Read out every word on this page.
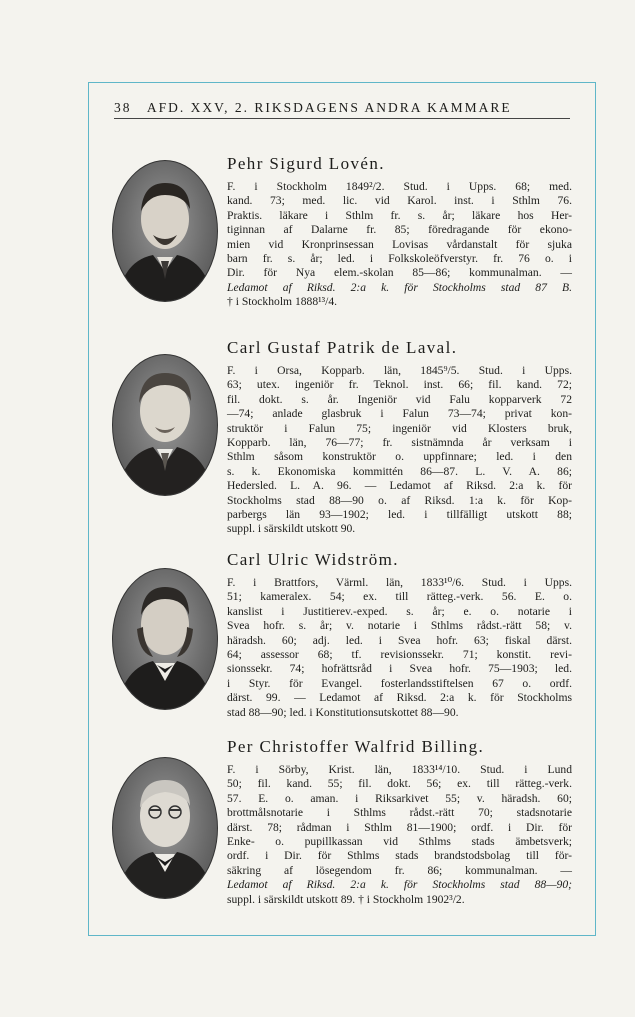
38 AFD. XXV, 2. RIKSDAGENS ANDRA KAMMARE
Pehr Sigurd Lovén.
F. i Stockholm 1849²/2. Stud. i Upps. 68; med.
kand. 73; med. lic. vid Karol. inst. i Sthlm 76.
Praktis. läkare i Sthlm fr. s. år; läkare hos Her-
tiginnan af Dalarne fr. 85; föredragande för ekono-
mien vid Kronprinsessan Lovisas vårdanstalt för sjuka
barn fr. s. år; led. i Folkskoleöfverstyr. fr. 76 o. i
Dir. för Nya elem.-skolan 85—86; kommunalman. —
Ledamot af Riksd. 2:a k. för Stockholms stad 87 B.
† i Stockholm 1888¹³/4.
Carl Gustaf Patrik de Laval.
F. i Orsa, Kopparb. län, 1845⁹/5. Stud. i Upps.
63; utex. ingeniör fr. Teknol. inst. 66; fil. kand. 72;
fil. dokt. s. år. Ingeniör vid Falu kopparverk 72
—74; anlade glasbruk i Falun 73—74; privat kon-
struktör i Falun 75; ingeniör vid Klosters bruk,
Kopparb. län, 76—77; fr. sistnämnda år verksam i
Sthlm såsom konstruktör o. uppfinnare; led. i den
s. k. Ekonomiska kommittén 86—87. L. V. A. 86;
Hedersled. L. A. 96. — Ledamot af Riksd. 2:a k. för
Stockholms stad 88—90 o. af Riksd. 1:a k. för Kop-
parbergs län 93—1902; led. i tillfälligt utskott 88;
suppl. i särskildt utskott 90.
Carl Ulric Widström.
F. i Brattfors, Värml. län, 1833¹⁰/6. Stud. i Upps.
51; kameralex. 54; ex. till rätteg.-verk. 56. E. o.
kanslist i Justitierev.-exped. s. år; e. o. notarie i
Svea hofr. s. år; v. notarie i Sthlms rådst.-rätt 58; v.
häradsh. 60; adj. led. i Svea hofr. 63; fiskal därst.
64; assessor 68; tf. revisionssekr. 71; konstit. revi-
sionssekr. 74; hofrättsråd i Svea hofr. 75—1903; led.
i Styr. för Evangel. fosterlandsstiftelsen 67 o. ordf.
därst. 99. — Ledamot af Riksd. 2:a k. för Stockholms
stad 88—90; led. i Konstitutionsutskottet 88—90.
Per Christoffer Walfrid Billing.
F. i Sörby, Krist. län, 1833¹⁴/10. Stud. i Lund
50; fil. kand. 55; fil. dokt. 56; ex. till rätteg.-verk.
57. E. o. aman. i Riksarkivet 55; v. häradsh. 60;
brottmålsnotarie i Sthlms rådst.-rätt 70; stadsnotarie
därst. 78; rådman i Sthlm 81—1900; ordf. i Dir. för
Enke- o. pupillkassan vid Sthlms stads ämbetsverk;
ordf. i Dir. för Sthlms stads brandstodsbolag till för-
säkring af lösegendom fr. 86; kommunalman. —
Ledamot af Riksd. 2:a k. för Stockholms stad 88—90;
suppl. i särskildt utskott 89. † i Stockholm 1902³/2.
